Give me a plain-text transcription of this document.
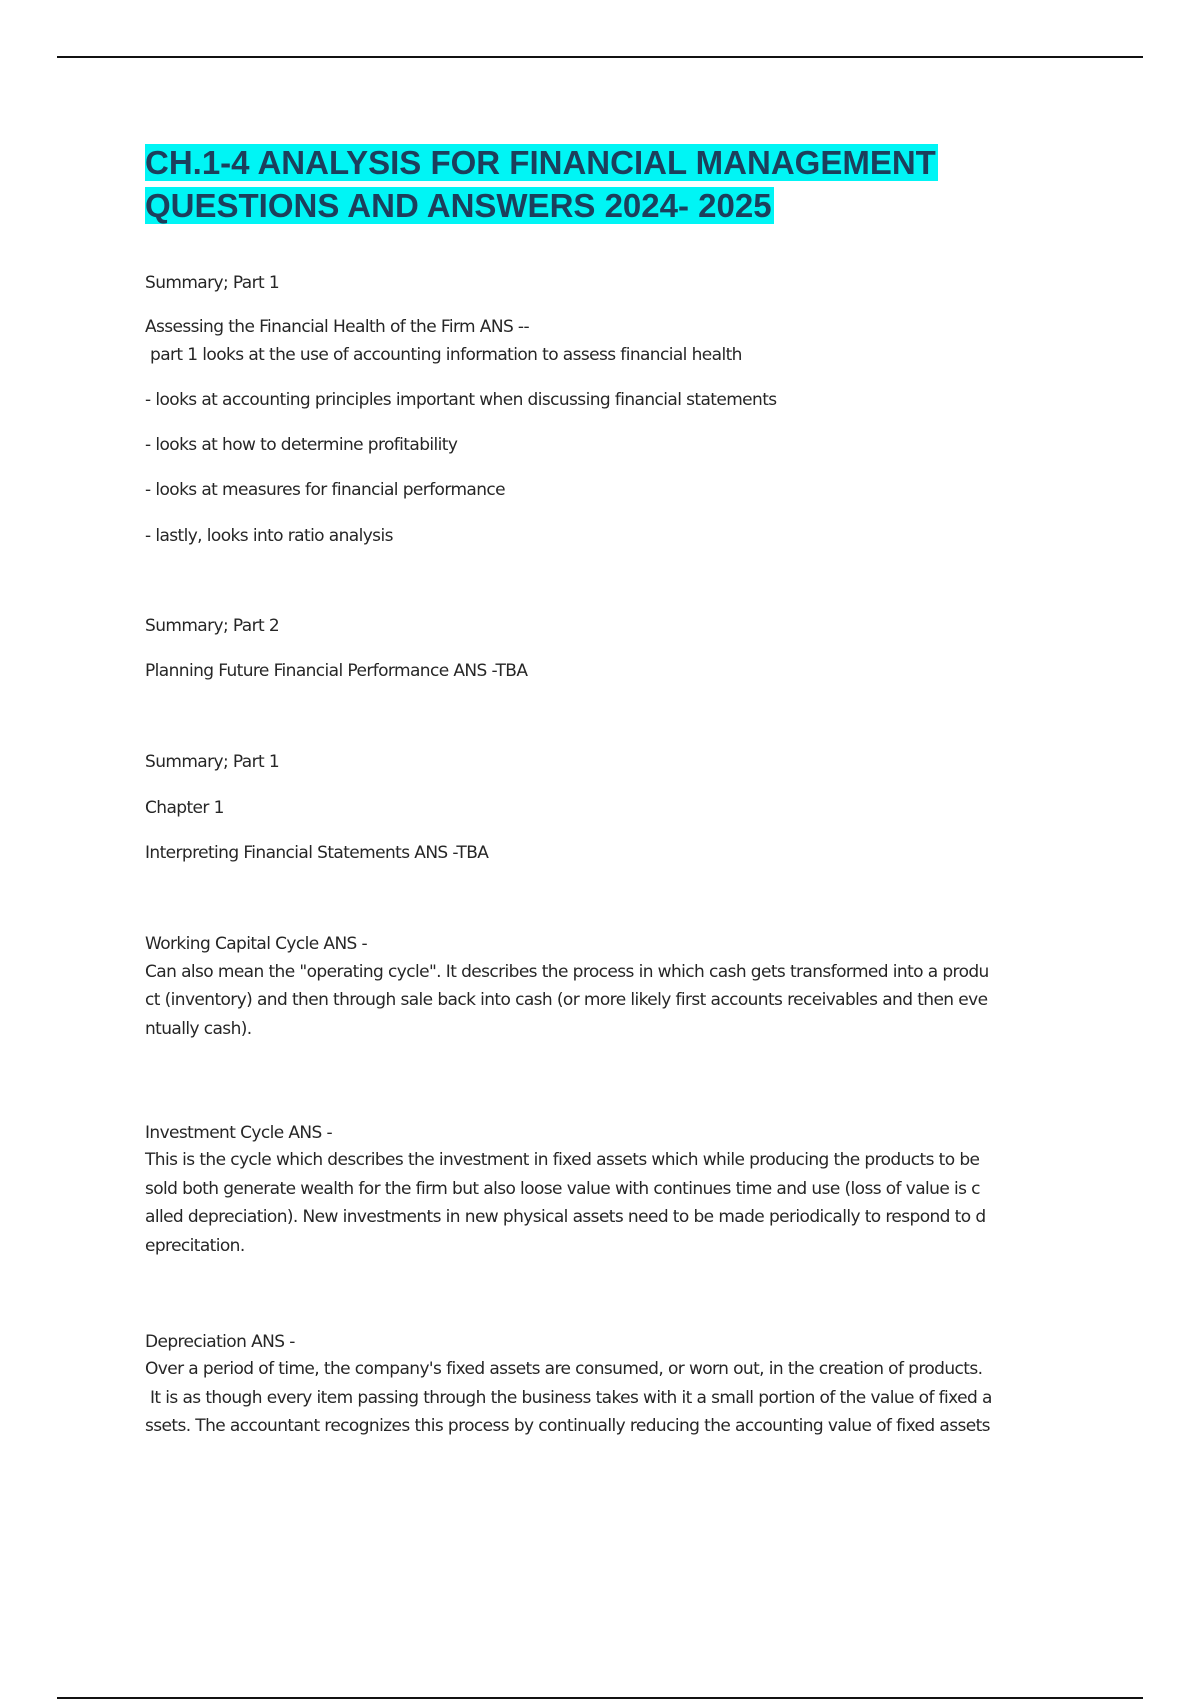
CH.1-4 ANALYSIS FOR FINANCIAL MANAGEMENT
QUESTIONS AND ANSWERS 2024- 2025
Summary; Part 1
Assessing the Financial Health of the Firm ANS --
part 1 looks at the use of accounting information to assess financial health
- looks at accounting principles important when discussing financial statements
- looks at how to determine profitability
- looks at measures for financial performance
- lastly, looks into ratio analysis
Summary; Part 2
Planning Future Financial Performance ANS -TBA
Summary; Part 1
Chapter 1
Interpreting Financial Statements ANS -TBA
Working Capital Cycle ANS -
Can also mean the "operating cycle". It describes the process in which cash gets transformed into a produ
ct (inventory) and then through sale back into cash (or more likely first accounts receivables and then eve
ntually cash).
Investment Cycle ANS -
This is the cycle which describes the investment in fixed assets which while producing the products to be
sold both generate wealth for the firm but also loose value with continues time and use (loss of value is c
alled depreciation). New investments in new physical assets need to be made periodically to respond to d
eprecitation.
Depreciation ANS -
Over a period of time, the company's fixed assets are consumed, or worn out, in the creation of products.
It is as though every item passing through the business takes with it a small portion of the value of fixed a
ssets. The accountant recognizes this process by continually reducing the accounting value of fixed assets
